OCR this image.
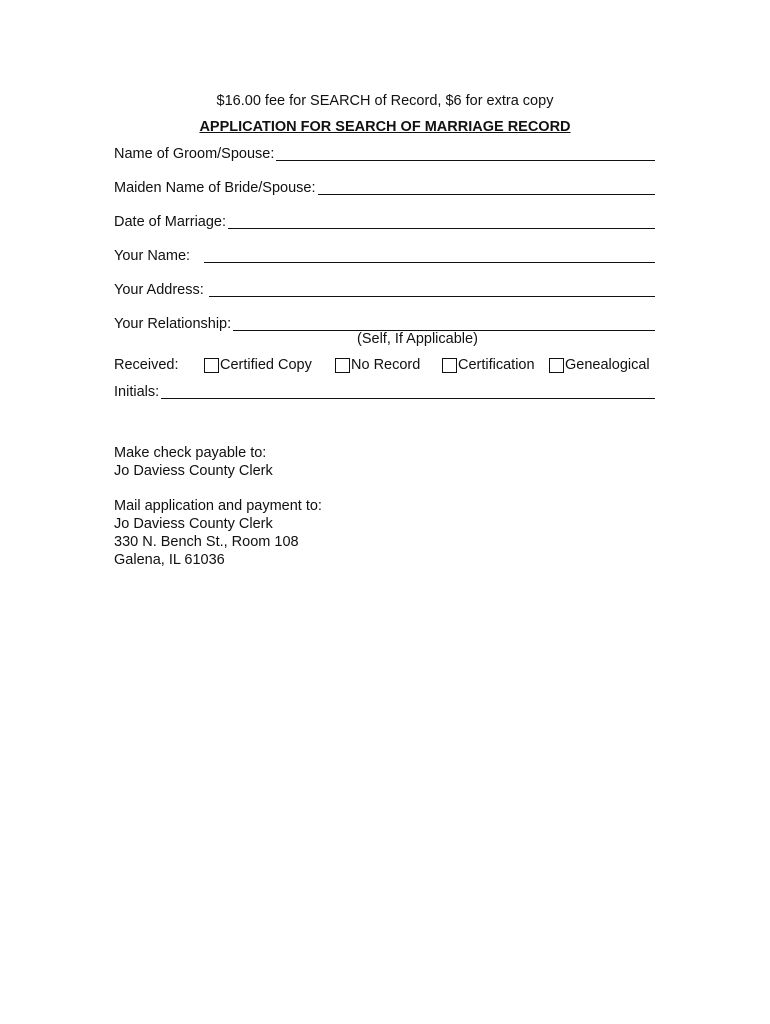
$16.00 fee for SEARCH of Record, $6 for extra copy
APPLICATION FOR SEARCH OF MARRIAGE RECORD
Name of Groom/Spouse:
Maiden Name of Bride/Spouse:
Date of Marriage:
Your Name:
Your Address:
Your Relationship:
(Self, If Applicable)
Received:	Certified Copy	No Record	Certification Genealogical
Initials:
Make check payable to:
Jo Daviess County Clerk
Mail application and payment to:
Jo Daviess County Clerk
330 N. Bench St., Room 108
Galena, IL 61036
